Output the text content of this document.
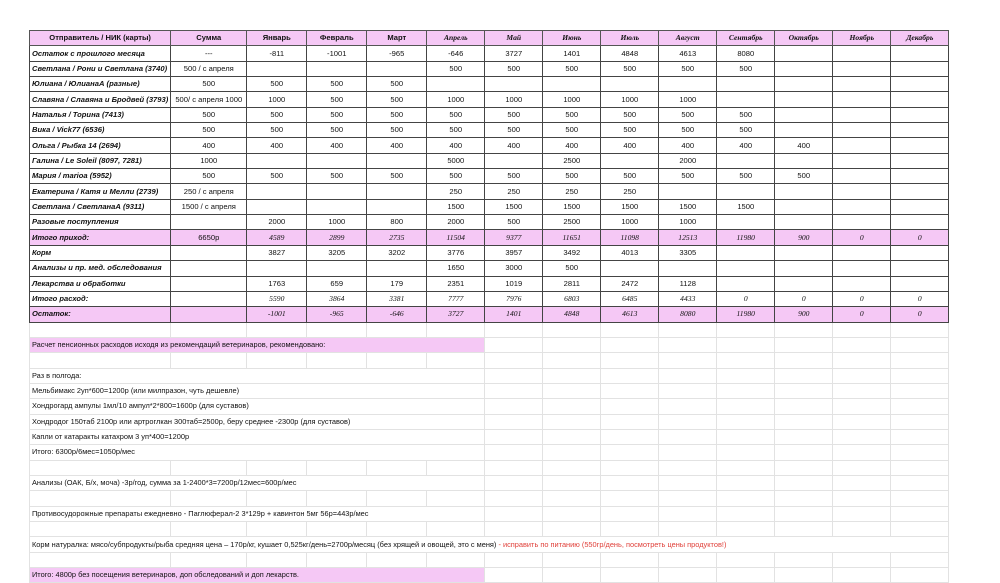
Отправитель / НИК (карты)	Сумма	Январь	Февраль	Март	Апрель	Май	Июнь	Июль	Август	Сентябрь	Октябрь	Ноябрь	Декабрь
Остаток с прошлого месяца	---	-811	-1001	-965	-646	3727	1401	4848	4613	8080			
Светлана / Рони и Светлана (3740)	500 / с апреля				500	500	500	500	500	500			
Юлиана / ЮлианаА (разные)	500	500	500	500									
Славяна / Славяна и Бродвей (3793)	500/ с апреля 1000	1000	500	500	1000	1000	1000	1000	1000				
Наталья / Торина (7413)	500	500	500	500	500	500	500	500	500	500			
Вика / Vick77 (6536)	500	500	500	500	500	500	500	500	500	500			
Ольга / Рыбка 14 (2694)	400	400	400	400	400	400	400	400	400	400	400		
Галина / Le Soleil (8097, 7281)	1000				5000		2500		2000				
Мария / marioa (5952)	500	500	500	500	500	500	500	500	500	500	500		
Екатерина / Катя и Мелли (2739)	250 / с апреля				250	250	250	250					
Светлана / СветланаА (9311)	1500 / с апреля				1500	1500	1500	1500	1500	1500			
Разовые поступления		2000	1000	800	2000	500	2500	1000	1000				
Итого приход:	6650р	4589	2899	2735	11504	9377	11651	11098	12513	11980	900	0	0
Корм		3827	3205	3202	3776	3957	3492	4013	3305				
Анализы и пр. мед. обследования					1650	3000	500						
Лекарства и обработки		1763	659	179	2351	1019	2811	2472	1128				
Итого расход:		5590	3864	3381	7777	7976	6803	6485	4433	0	0	0	0
Остаток:		-1001	-965	-646	3727	1401	4848	4613	8080	11980	900	0	0

Расчет пенсионных расходов исходя из рекомендаций ветеринаров, рекомендовано:													

Раз в полгода:													
Мельбимакс 2уп*600=1200р (или милпразон, чуть дешевле)													
Хондрогард ампулы 1мл/10 ампул*2*800=1600р (для суставов)													
Хондродог 150таб 2100р или артроглкан 300таб=2500р, беру среднее -2300р (для суставов)													
Капли от катаракты катахром 3 уп*400=1200р													
Итого: 6300р/6мес=1050р/мес													

Анализы (ОАК, Б/х, моча) -3р/год, сумма за 1-2400*3=7200р/12мес=600р/мес													

Противосудорожные препараты ежедневно - Паглюферал-2 3*129р + кавинтон 5мг 56р=443р/мес													

Корм натуралка: мясо/субпродукты/рыба средняя цена – 170р/кг, кушает 0,525кг/день=2700р/месяц (без хрящей и овощей, это с меня) - исправить по питанию (550гр/день, посмотреть цены продуктов!)													

Итого: 4800р без посещения ветеринаров, доп обследований и доп лекарств.													
